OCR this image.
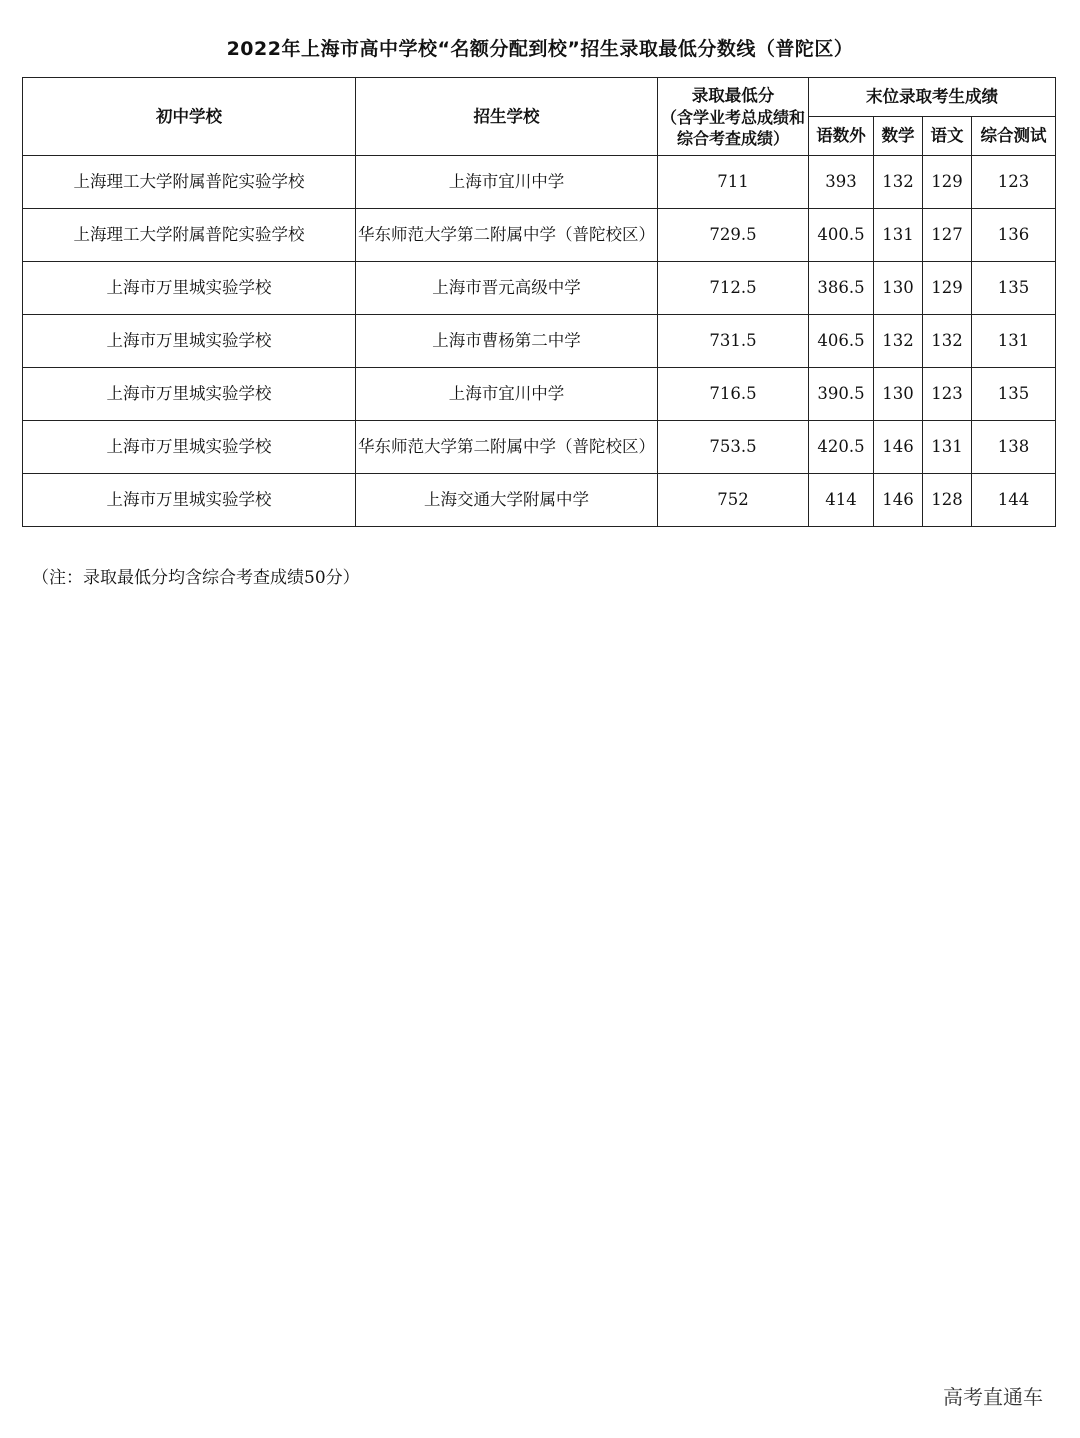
2022年上海市高中学校“名额分配到校”招生录取最低分数线（普陀区）
初中学校	招生学校	录取最低分
（含学业考总成绩和综合考查成绩）	末位录取考生成绩			
			语数外	数学	语文	综合测试
上海理工大学附属普陀实验学校	上海市宜川中学	711	393	132	129	123
上海理工大学附属普陀实验学校	华东师范大学第二附属中学（普陀校区）	729.5	400.5	131	127	136
上海市万里城实验学校	上海市晋元高级中学	712.5	386.5	130	129	135
上海市万里城实验学校	上海市曹杨第二中学	731.5	406.5	132	132	131
上海市万里城实验学校	上海市宜川中学	716.5	390.5	130	123	135
上海市万里城实验学校	华东师范大学第二附属中学（普陀校区）	753.5	420.5	146	131	138
上海市万里城实验学校	上海交通大学附属中学	752	414	146	128	144
（注：录取最低分均含综合考查成绩50分）
高考直通车
